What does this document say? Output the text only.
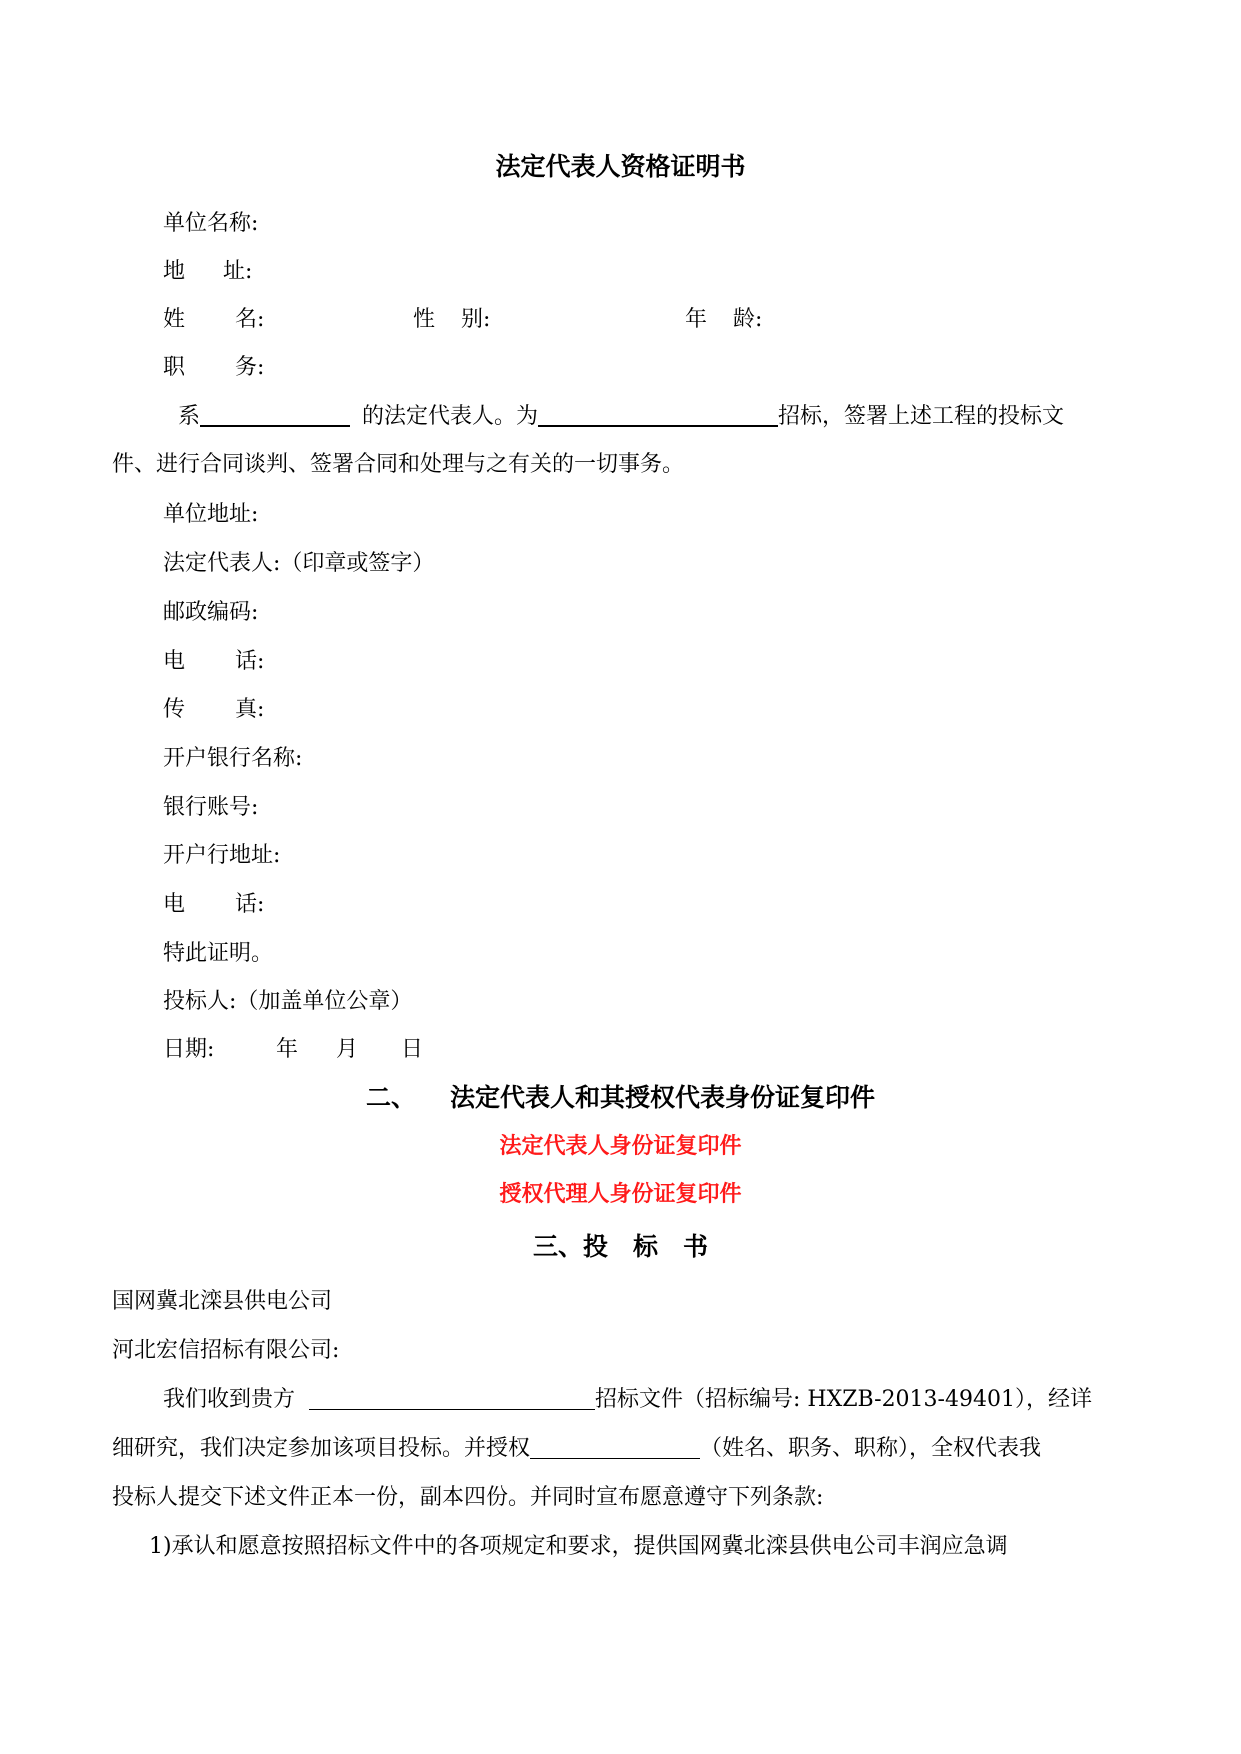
法定代表人资格证明书
单位名称:
地 址:
姓 名:	性 别:	年 龄:
职 务:
系	的法定代表人。为	招标，签署上述工程的投标文
件、进行合同谈判、签署合同和处理与之有关的一切事务。
单位地址:
法定代表人:（印章或签字）
邮政编码:
电 话:
传 真:
开户银行名称:
银行账号:
开户行地址:
电 话:
特此证明。
投标人:（加盖单位公章）
日期:	年 月 日
二、 法定代表人和其授权代表身份证复印件
法定代表人身份证复印件
授权代理人身份证复印件
三、投　标　书
国网冀北滦县供电公司
河北宏信招标有限公司:
我们收到贵方	招标文件（招标编号: HXZB-2013-49401），经详
细研究，我们决定参加该项目投标。并授权	（姓名、职务、职称），全权代表我
投标人提交下述文件正本一份，副本四份。并同时宣布愿意遵守下列条款:
1)承认和愿意按照招标文件中的各项规定和要求，提供国网冀北滦县供电公司丰润应急调
